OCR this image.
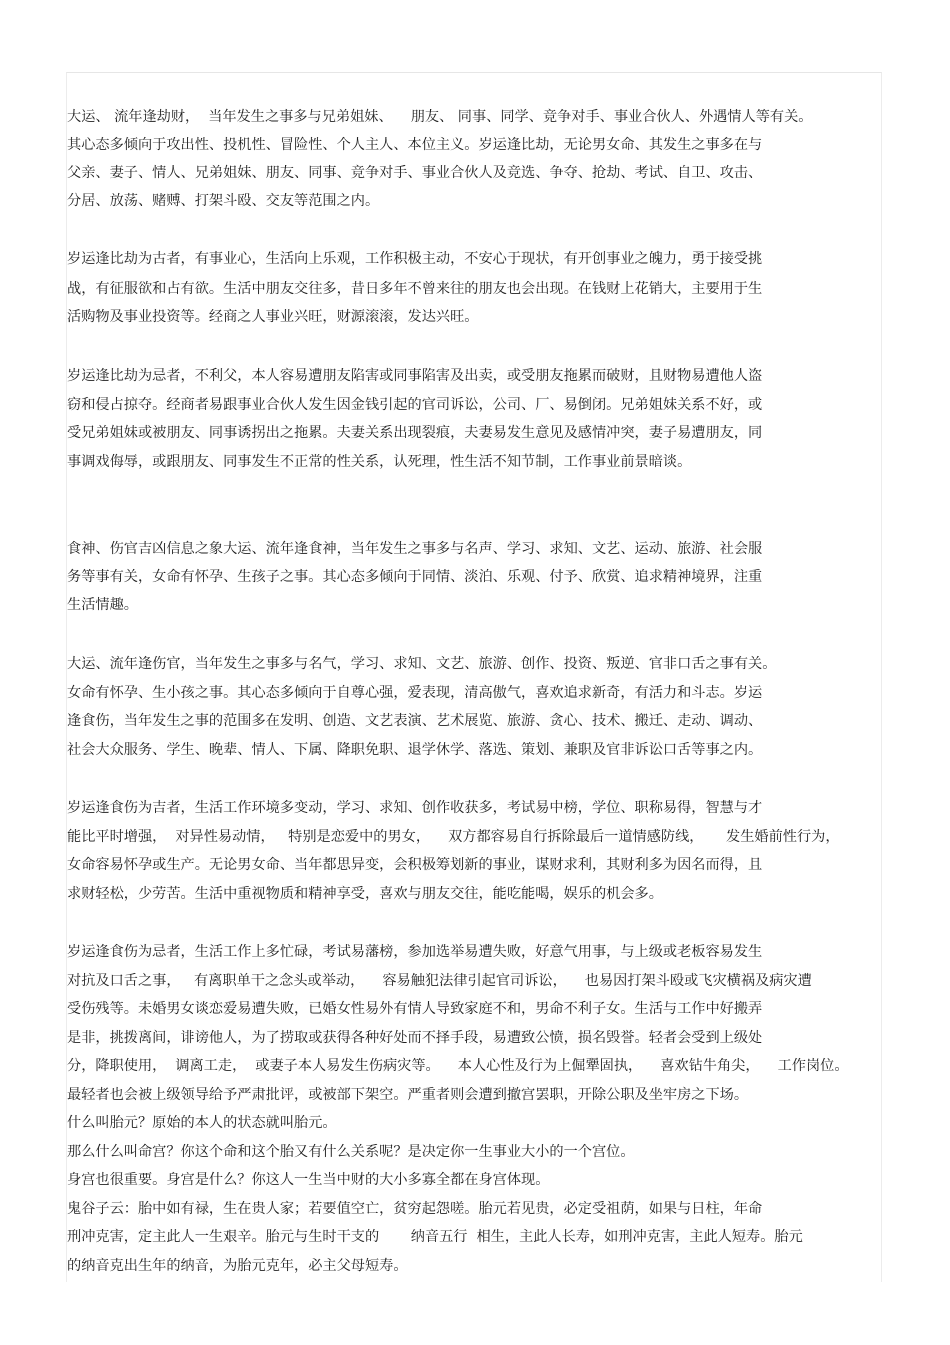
大运、 流年逢劫财，  当年发生之事多与兄弟姐妹、    朋友、 同事、同学、竞争对手、事业合伙人、外遇情人等有关。

其心态多倾向于攻出性、投机性、冒险性、个人主人、本位主义。岁运逢比劫，无论男女命、其发生之事多在与

父亲、妻子、情人、兄弟姐妹、朋友、同事、竞争对手、事业合伙人及竞选、争夺、抢劫、考试、自卫、攻击、

分居、放荡、赌赙、打架斗殴、交友等范围之内。

岁运逢比劫为古者，有事业心，生活向上乐观，工作积极主动，不安心于现状，有开创事业之魄力，勇于接受挑

战，有征服欲和占有欲。生活中朋友交往多，昔日多年不曾来往的朋友也会出现。在钱财上花销大，主要用于生

活购物及事业投资等。经商之人事业兴旺，财源滚滚，发达兴旺。

岁运逢比劫为忌者，不利父，本人容易遭朋友陷害或同事陷害及出卖，或受朋友拖累而破财，且财物易遭他人盗

窃和侵占掠夺。经商者易跟事业合伙人发生因金钱引起的官司诉讼，公司、厂、易倒闭。兄弟姐妹关系不好，或

受兄弟姐妹或被朋友、同事诱拐出之拖累。夫妻关系出现裂痕，夫妻易发生意见及感情冲突，妻子易遭朋友，同

事调戏侮辱，或跟朋友、同事发生不正常的性关系，认死理，性生活不知节制，工作事业前景暗谈。

食神、伤官吉凶信息之象大运、流年逢食神，当年发生之事多与名声、学习、求知、文艺、运动、旅游、社会服

务等事有关，女命有怀孕、生孩子之事。其心态多倾向于同情、淡泊、乐观、付予、欣赏、追求精神境界，注重

生活情趣。

大运、流年逢伤官，当年发生之事多与名气，学习、求知、文艺、旅游、创作、投资、叛逆、官非口舌之事有关。

女命有怀孕、生小孩之事。其心态多倾向于自尊心强，爱表现，清高傲气，喜欢追求新奇，有活力和斗志。岁运

逢食伤，当年发生之事的范围多在发明、创造、文艺表演、艺术展览、旅游、贪心、技术、搬迁、走动、调动、

社会大众服务、学生、晚辈、情人、下属、降职免职、退学休学、落选、策划、兼职及官非诉讼口舌等事之内。

岁运逢食伤为吉者，生活工作环境多变动，学习、求知、创作收获多，考试易中榜，学位、职称易得，智慧与才

能比平时增强，  对异性易动情，   特别是恋爱中的男女，    双方都容易自行拆除最后一道情感防线，     发生婚前性行为，

女命容易怀孕或生产。无论男女命、当年都思异变，会积极筹划新的事业，谋财求利，其财利多为因名而得，且

求财轻松，少劳苦。生活中重视物质和精神享受，喜欢与朋友交往，能吃能喝，娱乐的机会多。

岁运逢食伤为忌者，生活工作上多忙碌，考试易藩榜，参加选举易遭失败，好意气用事，与上级或老板容易发生

对抗及口舌之事，   有离职单干之念头或举动，    容易触犯法律引起官司诉讼，    也易因打架斗殴或飞灾横祸及病灾遭

受伤残等。未婚男女谈恋爱易遭失败，已婚女性易外有情人导致家庭不和，男命不利子女。生活与工作中好搬弄

是非，挑拨离间，诽谤他人，为了捞取或获得各种好处而不择手段，易遭致公愤，损名毁誉。轻者会受到上级处

分，降职使用，  调离工走，  或妻子本人易发生伤病灾等。    本人心性及行为上倔犟固执，    喜欢钻牛角尖，    工作岗位。

最轻者也会被上级领导给予严肃批评，或被部下架空。严重者则会遭到撤宫罢职，开除公职及坐牢房之下场。

什么叫胎元？原始的本人的状态就叫胎元。

那么什么叫命宫？你这个命和这个胎又有什么关系呢？是决定你一生事业大小的一个宫位。

身宫也很重要。身宫是什么？你这人一生当中财的大小多寡全都在身宫体现。

鬼谷子云：胎中如有禄，生在贵人家；若要值空亡，贫穷起怨嗟。胎元若见贵，必定受祖荫，如果与日柱，年命

刑冲克害，定主此人一生艰辛。胎元与生时干支的       纳音五行  相生，主此人长寿，如刑冲克害，主此人短寿。胎元

的纳音克出生年的纳音，为胎元克年，必主父母短寿。
